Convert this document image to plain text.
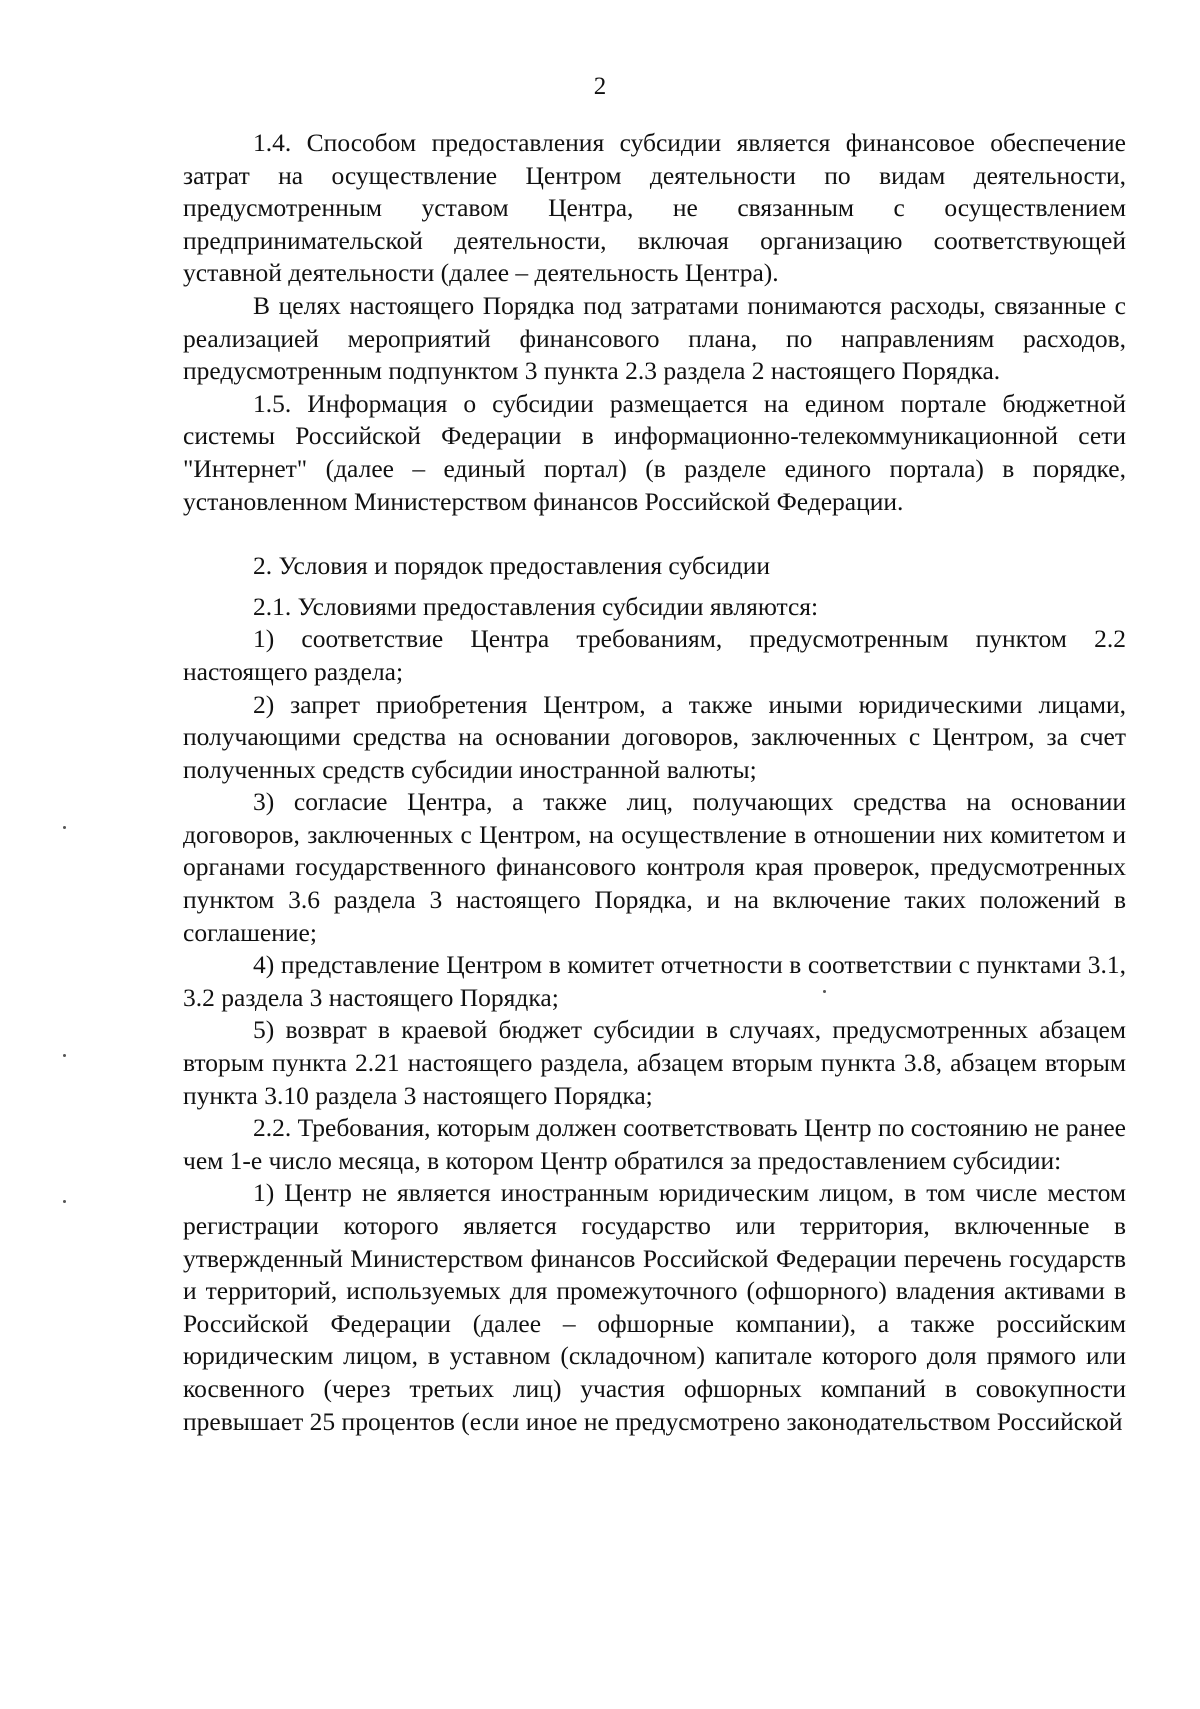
2

1.4. Способом предоставления субсидии является финансовое обеспечение затрат на осуществление Центром деятельности по видам деятельности, предусмотренным уставом Центра, не связанным с осуществлением предпринимательской деятельности, включая организацию соответствующей уставной деятельности (далее – деятельность Центра).

В целях настоящего Порядка под затратами понимаются расходы, связанные с реализацией мероприятий финансового плана, по направлениям расходов, предусмотренным подпунктом 3 пункта 2.3 раздела 2 настоящего Порядка.

1.5. Информация о субсидии размещается на едином портале бюджетной системы Российской Федерации в информационно-телекоммуникационной сети "Интернет" (далее – единый портал) (в разделе единого портала) в порядке, установленном Министерством финансов Российской Федерации.

2. Условия и порядок предоставления субсидии

2.1. Условиями предоставления субсидии являются:

1) соответствие Центра требованиям, предусмотренным пунктом 2.2 настоящего раздела;

2) запрет приобретения Центром, а также иными юридическими лицами, получающими средства на основании договоров, заключенных с Центром, за счет полученных средств субсидии иностранной валюты;

3) согласие Центра, а также лиц, получающих средства на основании договоров, заключенных с Центром, на осуществление в отношении них комитетом и органами государственного финансового контроля края проверок, предусмотренных пунктом 3.6 раздела 3 настоящего Порядка, и на включение таких положений в соглашение;

4) представление Центром в комитет отчетности в соответствии с пунктами 3.1, 3.2 раздела 3 настоящего Порядка;

5) возврат в краевой бюджет субсидии в случаях, предусмотренных абзацем вторым пункта 2.21 настоящего раздела, абзацем вторым пункта 3.8, абзацем вторым пункта 3.10 раздела 3 настоящего Порядка;

2.2. Требования, которым должен соответствовать Центр по состоянию не ранее чем 1-е число месяца, в котором Центр обратился за предоставлением субсидии:

1) Центр не является иностранным юридическим лицом, в том числе местом регистрации которого является государство или территория, включенные в утвержденный Министерством финансов Российской Федерации перечень государств и территорий, используемых для промежуточного (офшорного) владения активами в Российской Федерации (далее – офшорные компании), а также российским юридическим лицом, в уставном (складочном) капитале которого доля прямого или косвенного (через третьих лиц) участия офшорных компаний в совокупности превышает 25 процентов (если иное не предусмотрено законодательством Российской
